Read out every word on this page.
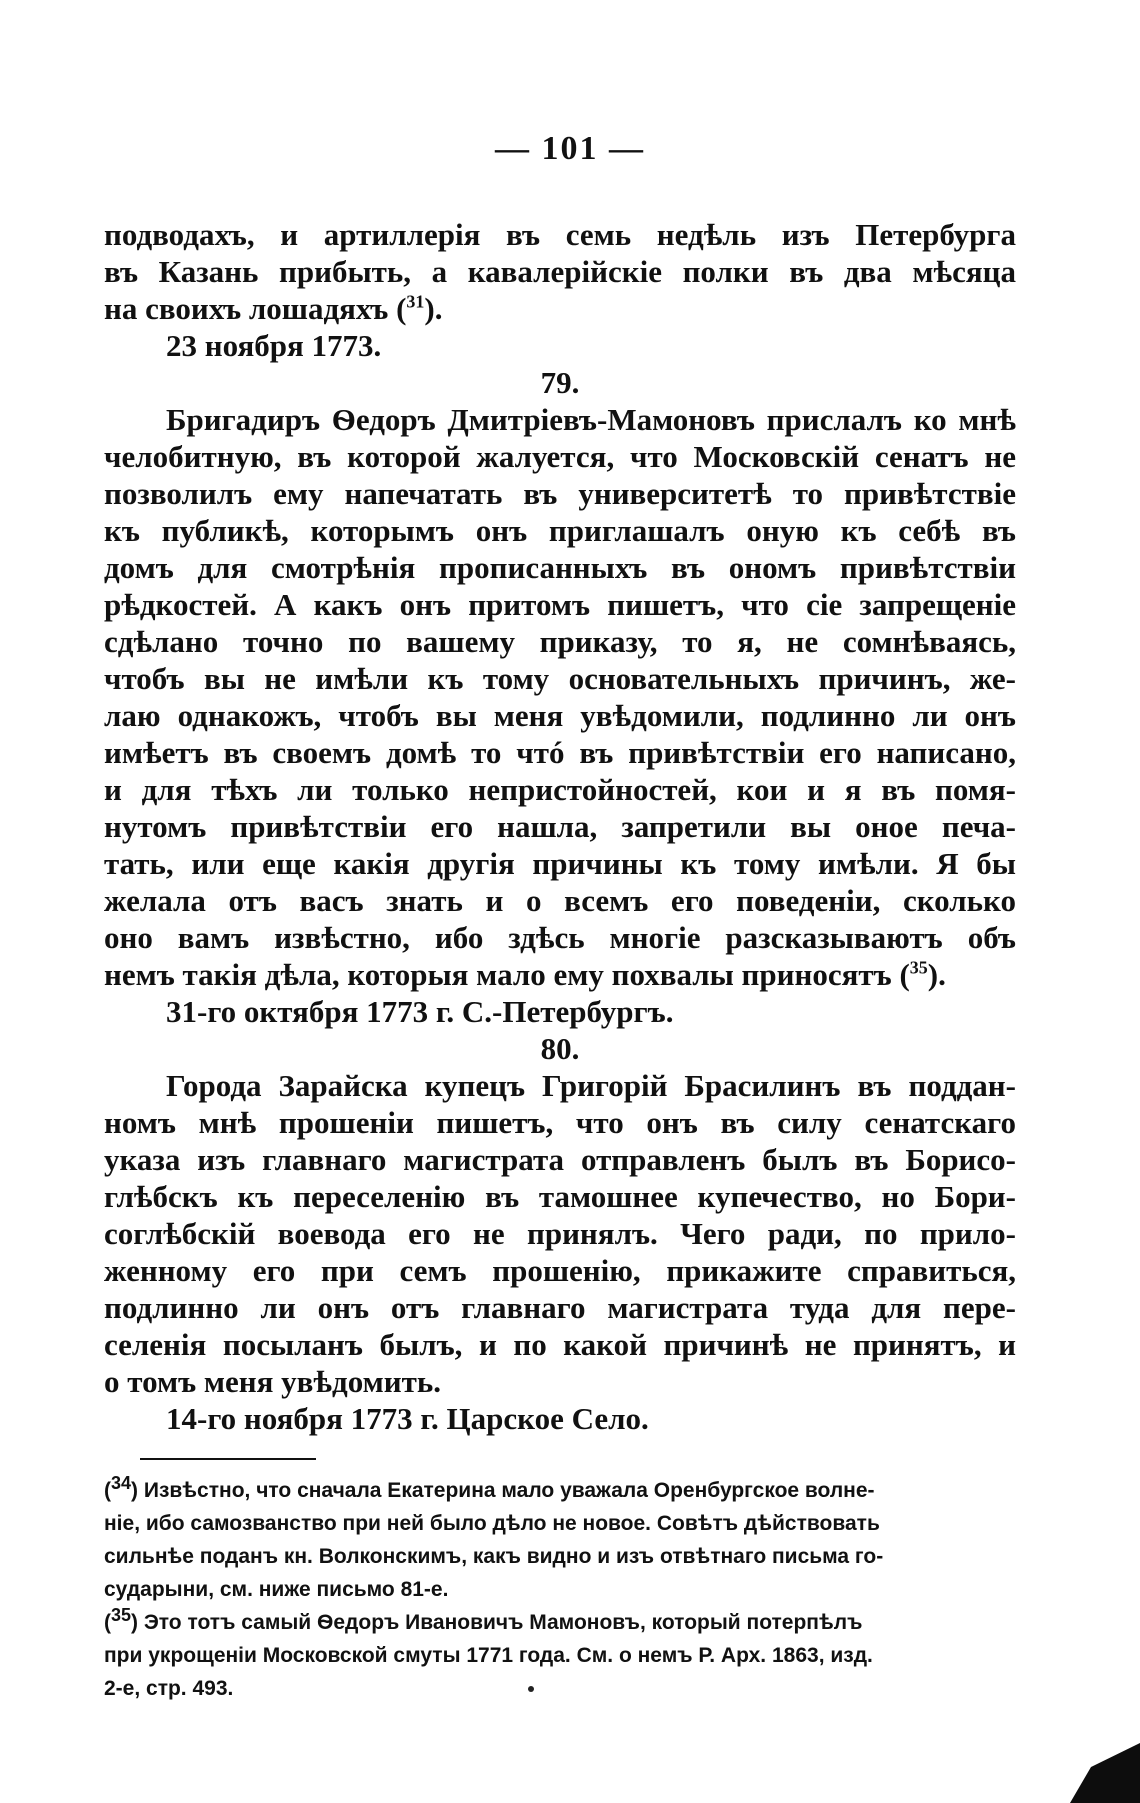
— 101 —
подводахъ, и артиллерія въ семь недѣль изъ Петербурга
въ Казань прибыть, а кавалерійскіе полки въ два мѣсяца
на своихъ лошадяхъ ($^{31}$).
23 ноября 1773.
79.
Бригадиръ Ѳедоръ Дмитріевъ-Мамоновъ прислалъ ко мнѣ
челобитную, въ которой жалуется, что Московскій сенатъ не
позволилъ ему напечатать въ университетѣ то привѣтствіе
къ публикѣ, которымъ онъ приглашалъ оную къ себѣ въ
домъ для смотрѣнія прописанныхъ въ ономъ привѣтствіи
рѣдкостей. А какъ онъ притомъ пишетъ, что сіе запрещеніе
сдѣлано точно по вашему приказу, то я, не сомнѣваясь,
чтобъ вы не имѣли къ тому основательныхъ причинъ, же-
лаю однакожъ, чтобъ вы меня увѣдомили, подлинно ли онъ
имѣетъ въ своемъ домѣ то чтó въ привѣтствіи его написано,
и для тѣхъ ли только непристойностей, кои и я въ помя-
нутомъ привѣтствіи его нашла, запретили вы оное печа-
тать, или еще какія другія причины къ тому имѣли. Я бы
желала отъ васъ знать и о всемъ его поведеніи, сколько
оно вамъ извѣстно, ибо здѣсь многіе разсказываютъ объ
немъ такія дѣла, которыя мало ему похвалы приносятъ ($^{35}$).
31-го октября 1773 г. С.-Петербургъ.
80.
Города Зарайска купецъ Григорій Брасилинъ въ поддан-
номъ мнѣ прошеніи пишетъ, что онъ въ силу сенатскаго
указа изъ главнаго магистрата отправленъ былъ въ Борисо-
глѣбскъ къ переселенію въ тамошнее купечество, но Бори-
соглѣбскій воевода его не принялъ. Чего ради, по прило-
женному его при семъ прошенію, прикажите справиться,
подлинно ли онъ отъ главнаго магистрата туда для пере-
селенія посыланъ былъ, и по какой причинѣ не принятъ, и
о томъ меня увѣдомить.
14-го ноября 1773 г. Царское Село.
($^{34}$) Извѣстно, что сначала Екатерина мало уважала Оренбургское волне-
ніе, ибо самозванство при ней было дѣло не новое. Совѣтъ дѣйствовать
сильнѣе поданъ кн. Волконскимъ, какъ видно и изъ отвѣтнаго письма го-
сударыни, см. ниже письмо 81-е.
($^{35}$) Это тотъ самый Ѳедоръ Ивановичъ Мамоновъ, который потерпѣлъ
при укрощеніи Московской смуты 1771 года. См. о немъ Р. Арх. 1863, изд.
2-е, стр. 493.
